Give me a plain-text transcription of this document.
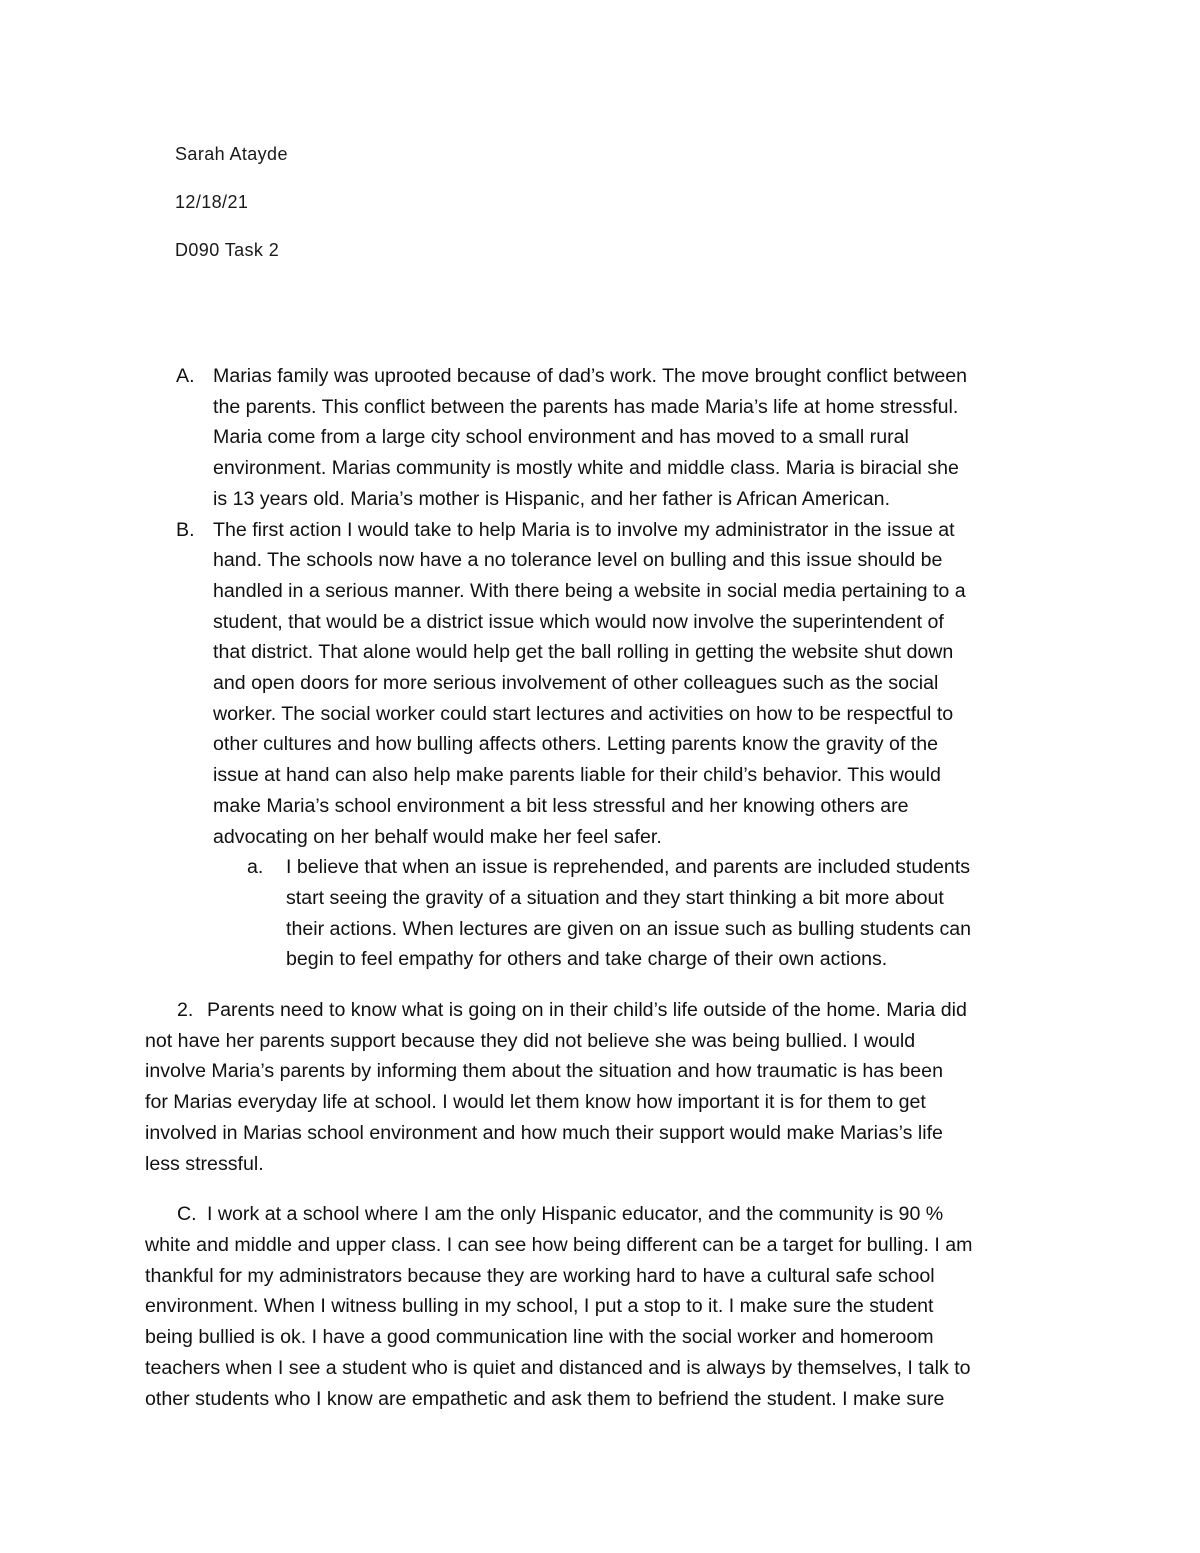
Sarah Atayde
12/18/21
D090 Task 2
A. Marias family was uprooted because of dad’s work. The move brought conflict between
the parents. This conflict between the parents has made Maria’s life at home stressful.
Maria come from a large city school environment and has moved to a small rural
environment. Marias community is mostly white and middle class. Maria is biracial she
is 13 years old. Maria’s mother is Hispanic, and her father is African American.
B. The first action I would take to help Maria is to involve my administrator in the issue at
hand. The schools now have a no tolerance level on bulling and this issue should be
handled in a serious manner. With there being a website in social media pertaining to a
student, that would be a district issue which would now involve the superintendent of
that district. That alone would help get the ball rolling in getting the website shut down
and open doors for more serious involvement of other colleagues such as the social
worker. The social worker could start lectures and activities on how to be respectful to
other cultures and how bulling affects others. Letting parents know the gravity of the
issue at hand can also help make parents liable for their child’s behavior. This would
make Maria’s school environment a bit less stressful and her knowing others are
advocating on her behalf would make her feel safer.
a. I believe that when an issue is reprehended, and parents are included students
start seeing the gravity of a situation and they start thinking a bit more about
their actions. When lectures are given on an issue such as bulling students can
begin to feel empathy for others and take charge of their own actions.
2. Parents need to know what is going on in their child’s life outside of the home. Maria did
not have her parents support because they did not believe she was being bullied. I would
involve Maria’s parents by informing them about the situation and how traumatic is has been
for Marias everyday life at school. I would let them know how important it is for them to get
involved in Marias school environment and how much their support would make Marias’s life
less stressful.
C. I work at a school where I am the only Hispanic educator, and the community is 90 %
white and middle and upper class. I can see how being different can be a target for bulling. I am
thankful for my administrators because they are working hard to have a cultural safe school
environment. When I witness bulling in my school, I put a stop to it. I make sure the student
being bullied is ok. I have a good communication line with the social worker and homeroom
teachers when I see a student who is quiet and distanced and is always by themselves, I talk to
other students who I know are empathetic and ask them to befriend the student. I make sure
